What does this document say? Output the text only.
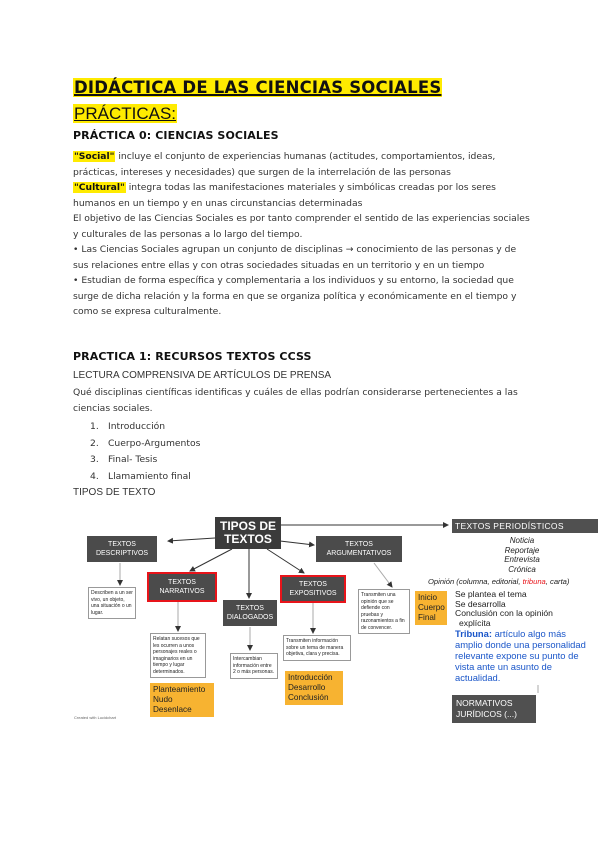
DIDÁCTICA DE LAS CIENCIAS SOCIALES
PRÁCTICAS:
PRÁCTICA 0: CIENCIAS SOCIALES

"Social" incluye el conjunto de experiencias humanas (actitudes, comportamientos, ideas, prácticas, intereses y necesidades) que surgen de la interrelación de las personas

"Cultural" integra todas las manifestaciones materiales y simbólicas creadas por los seres humanos en un tiempo y en unas circunstancias determinadas

El objetivo de las Ciencias Sociales es por tanto comprender el sentido de las experiencias sociales y culturales de las personas a lo largo del tiempo.

• Las Ciencias Sociales agrupan un conjunto de disciplinas → conocimiento de las personas y de sus relaciones entre ellas y con otras sociedades situadas en un territorio y en un tiempo

• Estudian de forma específica y complementaria a los individuos y su entorno, la sociedad que surge de dicha relación y la forma en que se organiza política y económicamente en el tiempo y como se expresa culturalmente.

PRACTICA 1: RECURSOS TEXTOS CCSS
LECTURA COMPRENSIVA DE ARTÍCULOS DE PRENSA
Qué disciplinas científicas identificas y cuáles de ellas podrían considerarse pertenecientes a las ciencias sociales.
1. Introducción
2. Cuerpo-Argumentos
3. Final- Tesis
4. Llamamiento final
TIPOS DE TEXTO
TIPOS DE TEXTOS
TEXTOS DESCRIPTIVOS
TEXTOS NARRATIVOS
TEXTOS DIALOGADOS
TEXTOS EXPOSITIVOS
TEXTOS ARGUMENTATIVOS
Describen a un ser vivo, un objeto, una situación o un lugar.
Relatan sucesos que les ocurren a unos personajes reales o imaginarios en un tiempo y lugar determinados.
Intercambian información entre 2 o más personas.
Transmiten información sobre un tema de manera objetiva, clara y precisa.
Transmiten una opinión que se defiende con pruebas y razonamientos a fin de convencer.
Planteamiento
Nudo
Desenlace
Introducción
Desarrollo
Conclusión
Inicio
Cuerpo
Final
TEXTOS PERIODÍSTICOS
Noticia
Reportaje
Entrevista
Crónica
Opinión (columna, editorial, tribuna, carta)
Se plantea el tema
Se desarrolla
Conclusión con la opinión
explícita
Tribuna: artículo algo más amplio donde una personalidad relevante expone su punto de vista ante un asunto de actualidad.
NORMATIVOS JURÍDICOS (...)
Created with Lucidchart
